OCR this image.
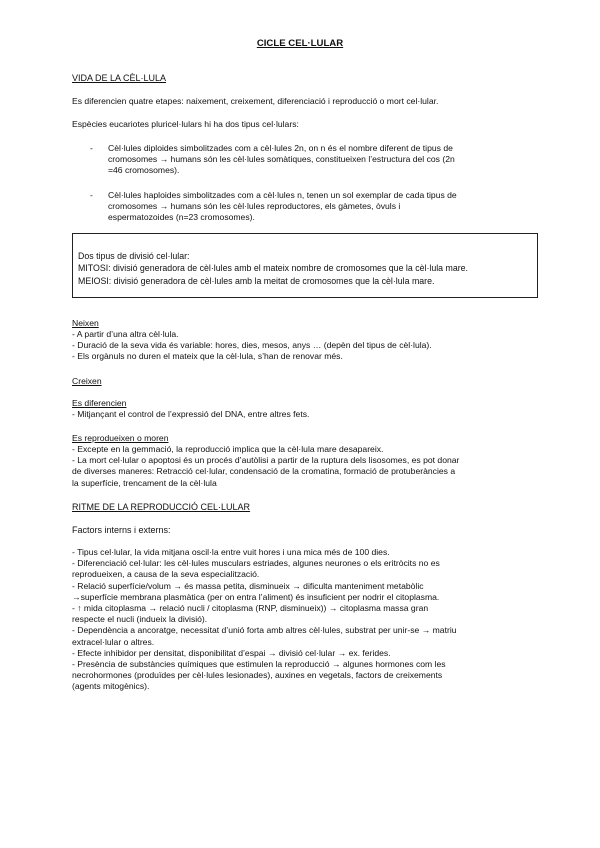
CICLE CEL·LULAR
VIDA DE LA CÈL·LULA

Es diferencien quatre etapes: naixement, creixement, diferenciació i reproducció o mort cel·lular.

Espècies eucariotes pluricel·lulars hi ha dos tipus cel·lulars:

-	Cèl·lules diploides simbolitzades com a cèl·lules 2n, on n és el nombre diferent de tipus de

cromosomes → humans són les cèl·lules somàtiques, constitueixen l’estructura del cos (2n

=46 cromosomes).

-	Cèl·lules haploides simbolitzades com a cèl·lules n, tenen un sol exemplar de cada tipus de

cromosomes → humans són les cèl·lules reproductores, els gàmetes, òvuls i

espermatozoides (n=23 cromosomes).

Dos tipus de divisió cel·lular:

MITOSI: divisió generadora de cèl·lules amb el mateix nombre de cromosomes que la cèl·lula mare.

MEIOSI: divisió generadora de cèl·lules amb la meitat de cromosomes que la cèl·lula mare.

Neixen

- A partir d’una altra cèl·lula.

- Duració de la seva vida és variable: hores, dies, mesos, anys … (depèn del tipus de cèl·lula).

- Els orgànuls no duren el mateix que la cèl·lula, s’han de renovar més.

Creixen
Es diferencien

- Mitjançant el control de l’expressió del DNA, entre altres fets.

Es reprodueixen o moren

- Excepte en la gemmació, la reproducció implica que la cèl·lula mare desapareix.

- La mort cel·lular o apoptosi és un procés d’autòlisi a partir de la ruptura dels lisosomes, es pot donar

de diverses maneres: Retracció cel·lular, condensació de la cromatina, formació de protuberàncies a

la superfície, trencament de la cèl·lula

RITME DE LA REPRODUCCIÓ CEL·LULAR

Factors interns i externs:

- Tipus cel·lular, la vida mitjana oscil·la entre vuit hores i una mica més de 100 dies.

- Diferenciació cel·lular: les cèl·lules musculars estriades, algunes neurones o els eritròcits no es

reprodueixen, a causa de la seva especialització.

- Relació superfície/volum → és massa petita, disminueix → dificulta manteniment metabòlic

→superfície membrana plasmàtica (per on entra l’aliment) és insuficient per nodrir el citoplasma.

- ↑ mida citoplasma → relació nucli / citoplasma (RNP, disminueix)) → citoplasma massa gran

respecte el nucli (indueix la divisió).

- Dependència a ancoratge, necessitat d’unió forta amb altres cèl·lules, substrat per unir-se → matriu

extracel·lular o altres.

- Efecte inhibidor per densitat, disponibilitat d’espai → divisió cel·lular → ex. ferides.

- Presència de substàncies químiques que estimulen la reproducció → algunes hormones com les

necrohormones (produïdes per cèl·lules lesionades), auxines en vegetals, factors de creixements

(agents mitogènics).
